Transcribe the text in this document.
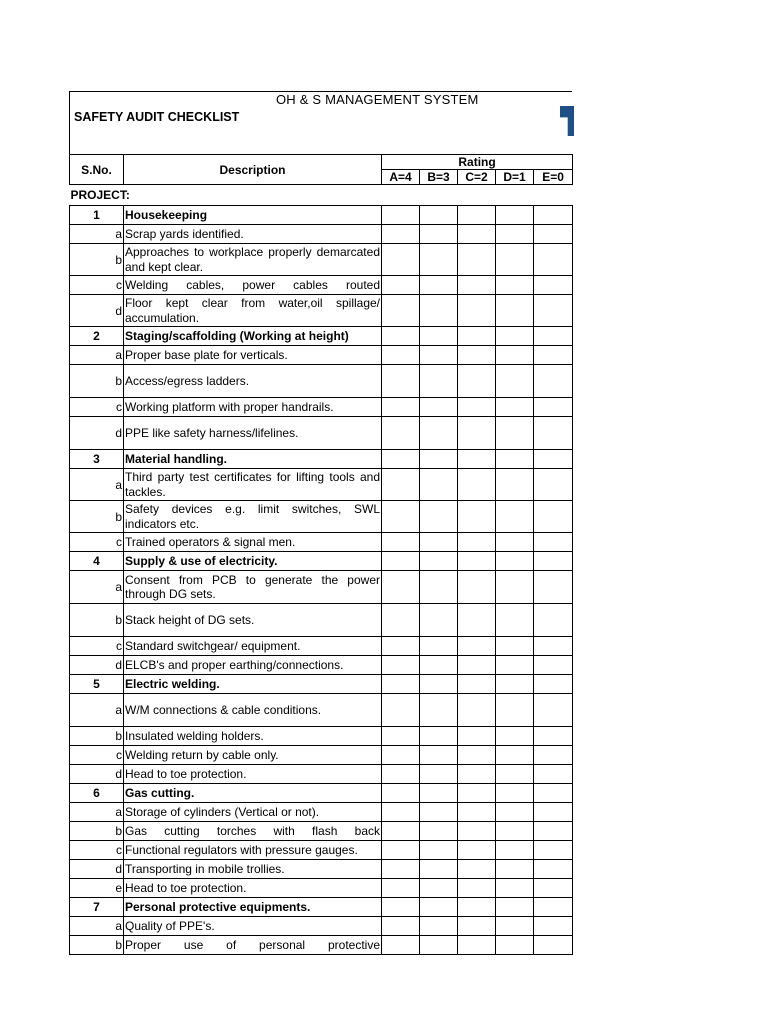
OH & S MANAGEMENT SYSTEM
SAFETY AUDIT CHECKLIST
S.No.	Description	Rating				
		A=4	B=3	C=2	D=1	E=0
PROJECT:						
1	Housekeeping					
a	Scrap yards identified.					
b	Approaches to workplace properly demarcated and kept clear.					
c	Welding cables, power cables routed					
d	Floor kept clear from water,oil spillage/ accumulation.					
2	Staging/scaffolding (Working at height)					
a	Proper base plate for verticals.					
b	Access/egress ladders.					
c	Working platform with proper handrails.					
d	PPE like safety harness/lifelines.					
3	Material handling.					
a	Third party test certificates for lifting tools and tackles.					
b	Safety devices e.g. limit switches, SWL indicators etc.					
c	Trained operators & signal men.					
4	Supply & use of electricity.					
a	Consent from PCB to generate the power through DG sets.					
b	Stack height of DG sets.					
c	Standard switchgear/ equipment.					
d	ELCB's and proper earthing/connections.					
5	Electric welding.					
a	W/M connections & cable conditions.					
b	Insulated welding holders.					
c	Welding return by cable only.					
d	Head to toe protection.					
6	Gas cutting.					
a	Storage of cylinders (Vertical or not).					
b	Gas cutting torches with flash back					
c	Functional regulators with pressure gauges.					
d	Transporting in mobile trollies.					
e	Head to toe protection.					
7	Personal protective equipments.					
a	Quality of PPE's.					
b	Proper use of personal protective					
